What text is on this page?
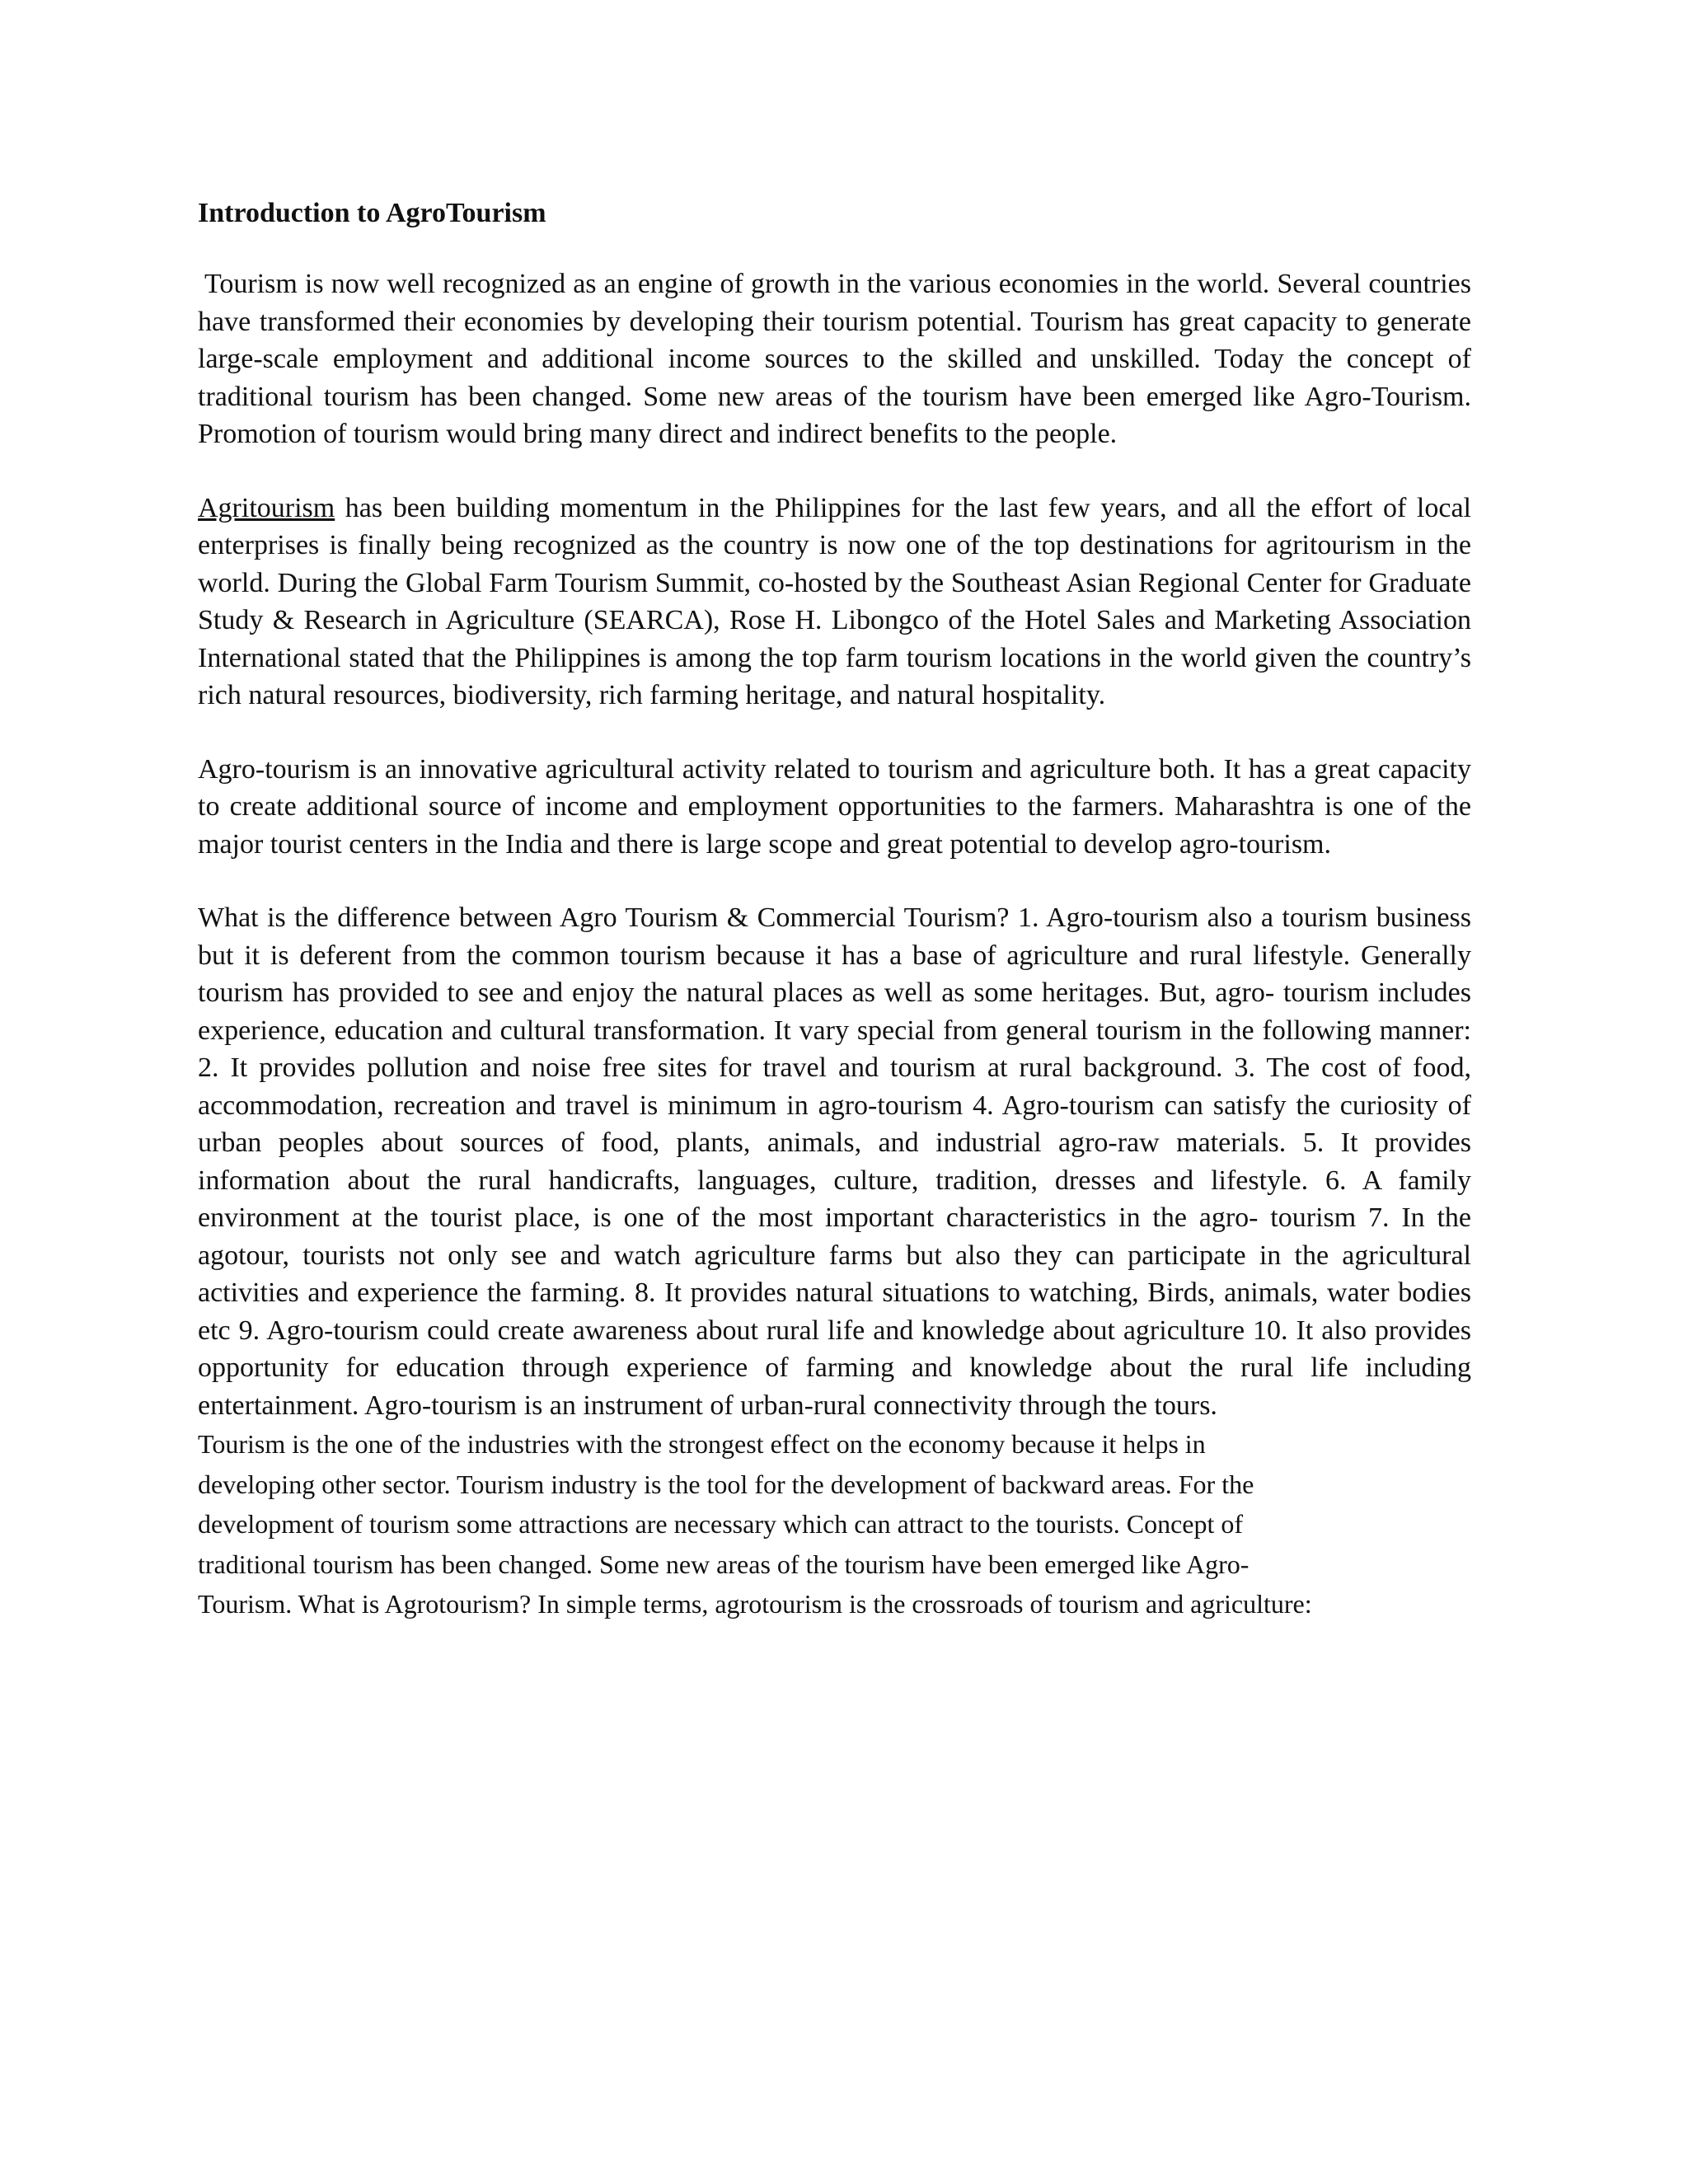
Introduction to AgroTourism

Tourism is now well recognized as an engine of growth in the various economies in the world. Several countries have transformed their economies by developing their tourism potential. Tourism has great capacity to generate large-scale employment and additional income sources to the skilled and unskilled. Today the concept of traditional tourism has been changed. Some new areas of the tourism have been emerged like Agro-Tourism. Promotion of tourism would bring many direct and indirect benefits to the people.

Agritourism has been building momentum in the Philippines for the last few years, and all the effort of local enterprises is finally being recognized as the country is now one of the top destinations for agritourism in the world. During the Global Farm Tourism Summit, co-hosted by the Southeast Asian Regional Center for Graduate Study & Research in Agriculture (SEARCA), Rose H. Libongco of the Hotel Sales and Marketing Association International stated that the Philippines is among the top farm tourism locations in the world given the country’s rich natural resources, biodiversity, rich farming heritage, and natural hospitality.

Agro-tourism is an innovative agricultural activity related to tourism and agriculture both. It has a great capacity to create additional source of income and employment opportunities to the farmers. Maharashtra is one of the major tourist centers in the India and there is large scope and great potential to develop agro-tourism.

What is the difference between Agro Tourism & Commercial Tourism? 1. Agro-tourism also a tourism business but it is deferent from the common tourism because it has a base of agriculture and rural lifestyle. Generally tourism has provided to see and enjoy the natural places as well as some heritages. But, agro- tourism includes experience, education and cultural transformation. It vary special from general tourism in the following manner: 2. It provides pollution and noise free sites for travel and tourism at rural background. 3. The cost of food, accommodation, recreation and travel is minimum in agro-tourism 4. Agro-tourism can satisfy the curiosity of urban peoples about sources of food, plants, animals, and industrial agro-raw materials. 5. It provides information about the rural handicrafts, languages, culture, tradition, dresses and lifestyle. 6. A family environment at the tourist place, is one of the most important characteristics in the agro- tourism 7. In the agotour, tourists not only see and watch agriculture farms but also they can participate in the agricultural activities and experience the farming. 8. It provides natural situations to watching, Birds, animals, water bodies etc 9. Agro-tourism could create awareness about rural life and knowledge about agriculture 10. It also provides opportunity for education through experience of farming and knowledge about the rural life including entertainment. Agro-tourism is an instrument of urban-rural connectivity through the tours.

Tourism is the one of the industries with the strongest effect on the economy because it helps in
developing other sector. Tourism industry is the tool for the development of backward areas. For the
development of tourism some attractions are necessary which can attract to the tourists. Concept of
traditional tourism has been changed. Some new areas of the tourism have been emerged like Agro-
Tourism. What is Agrotourism? In simple terms, agrotourism is the crossroads of tourism and agriculture:
